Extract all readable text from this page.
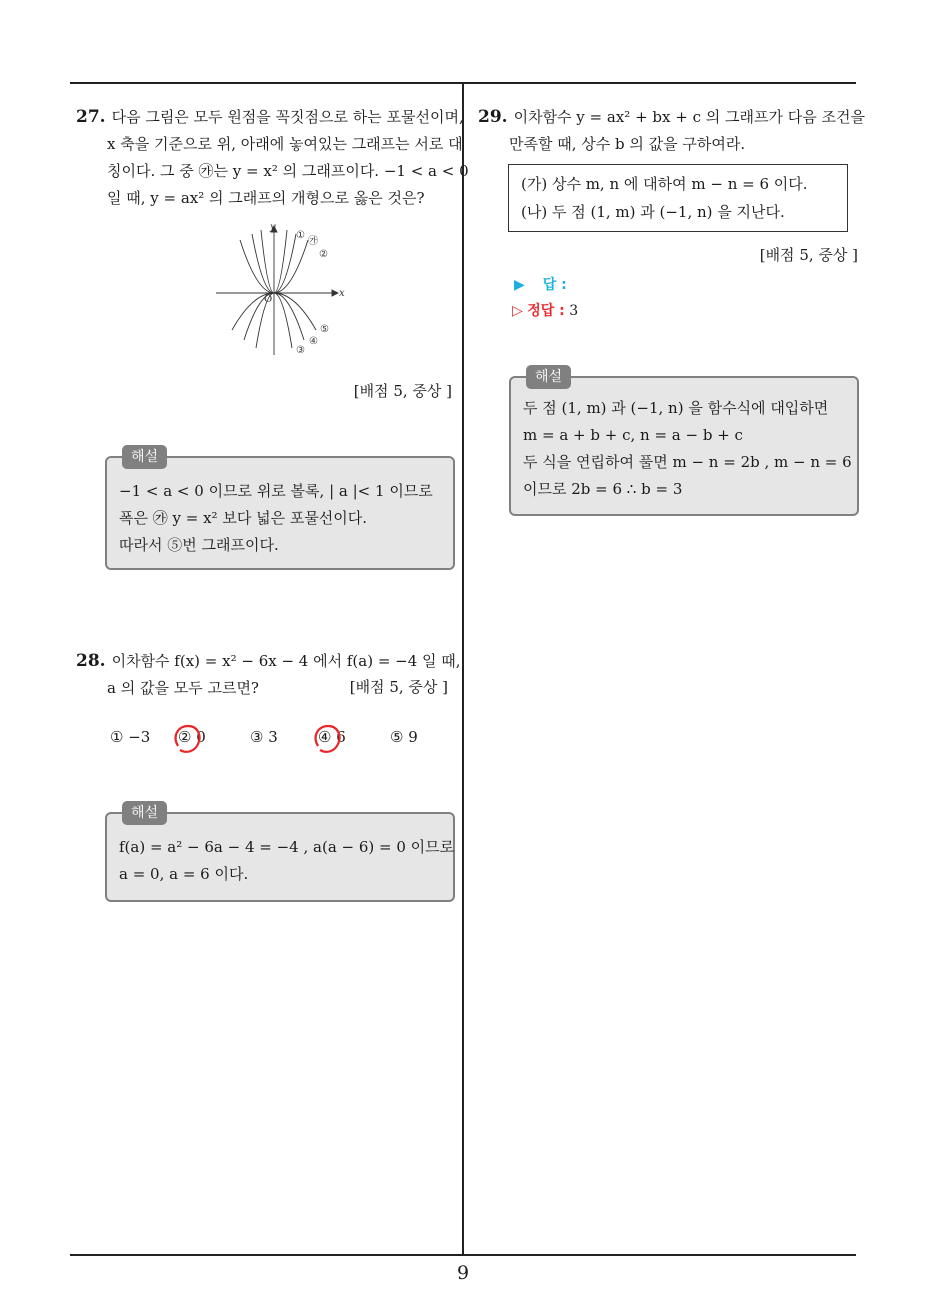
27. 다음 그림은 모두 원점을 꼭짓점으로 하는 포물선이며,
x 축을 기준으로 위, 아래에 놓여있는 그래프는 서로 대
칭이다. 그 중 ㉮는 y = x² 의 그래프이다. −1 < a < 0
일 때, y = ax² 의 그래프의 개형으로 옳은 것은?
x
y
O
①
㉮
②
⑤
④
③
[배점 5, 중상 ]
해설
−1 < a < 0 이므로 위로 볼록, | a |< 1 이므로
폭은 ㉮ y = x² 보다 넓은 포물선이다.
따라서 ⑤번 그래프이다.
28. 이차함수 f(x) = x² − 6x − 4 에서 f(a) = −4 일 때,
a 의 값을 모두 고르면?	[배점 5, 중상 ]
① −3 ② 0	③ 3	④ 6	⑤ 9
해설
f(a) = a² − 6a − 4 = −4 , a(a − 6) = 0 이므로
a = 0, a = 6 이다.
29. 이차함수 y = ax² + bx + c 의 그래프가 다음 조건을
만족할 때, 상수 b 의 값을 구하여라.
(가) 상수 m, n 에 대하여 m − n = 6 이다.
(나) 두 점 (1, m) 과 (−1, n) 을 지난다.
[배점 5, 중상 ]
▶ 답 :
▷ 정답 : 3
해설
두 점 (1, m) 과 (−1, n) 을 함수식에 대입하면
m = a + b + c, n = a − b + c
두 식을 연립하여 풀면 m − n = 2b , m − n = 6
이므로 2b = 6 ∴ b = 3
9
